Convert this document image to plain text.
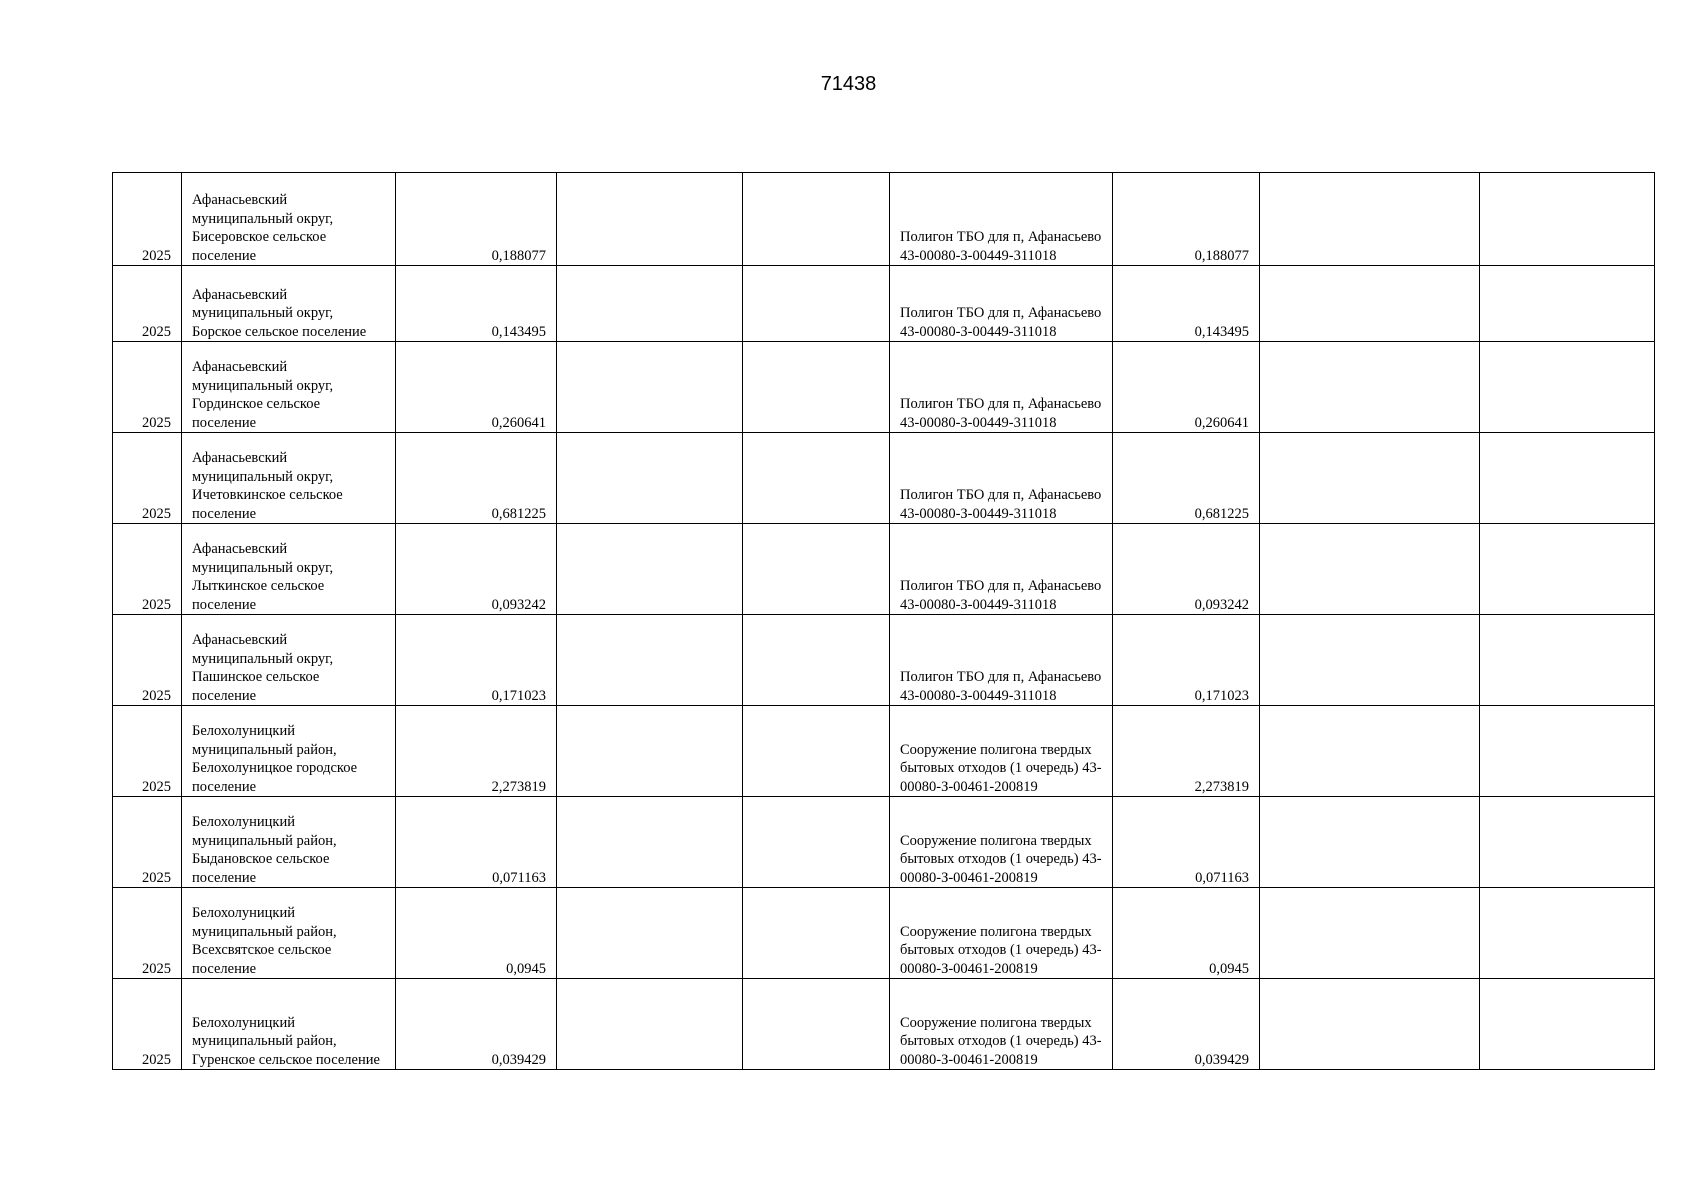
71438
2025	Афанасьевский муниципальный округ, Бисеровское сельское поселение	0,188077			Полигон ТБО для п, Афанасьево 43-00080-З-00449-311018	0,188077		

2025	Афанасьевский муниципальный округ, Борское сельское поселение	0,143495			Полигон ТБО для п, Афанасьево 43-00080-З-00449-311018	0,143495		

2025	Афанасьевский муниципальный округ, Гординское сельское поселение	0,260641			Полигон ТБО для п, Афанасьево 43-00080-З-00449-311018	0,260641		

2025	Афанасьевский муниципальный округ, Ичетовкинское сельское поселение	0,681225			Полигон ТБО для п, Афанасьево 43-00080-З-00449-311018	0,681225		

2025	Афанасьевский муниципальный округ, Лыткинское сельское поселение	0,093242			Полигон ТБО для п, Афанасьево 43-00080-З-00449-311018	0,093242		

2025	Афанасьевский муниципальный округ, Пашинское сельское поселение	0,171023			Полигон ТБО для п, Афанасьево 43-00080-З-00449-311018	0,171023		

2025	Белохолуницкий муниципальный район, Белохолуницкое городское поселение	2,273819			Сооружение полигона твердых бытовых отходов (1 очередь) 43-00080-З-00461-200819	2,273819		

2025	Белохолуницкий муниципальный район, Быдановское сельское поселение	0,071163			Сооружение полигона твердых бытовых отходов (1 очередь) 43-00080-З-00461-200819	0,071163		

2025	Белохолуницкий муниципальный район, Всехсвятское сельское поселение	0,0945			Сооружение полигона твердых бытовых отходов (1 очередь) 43-00080-З-00461-200819	0,0945		

2025	Белохолуницкий муниципальный район, Гуренское сельское поселение	0,039429			Сооружение полигона твердых бытовых отходов (1 очередь) 43-00080-З-00461-200819	0,039429		
